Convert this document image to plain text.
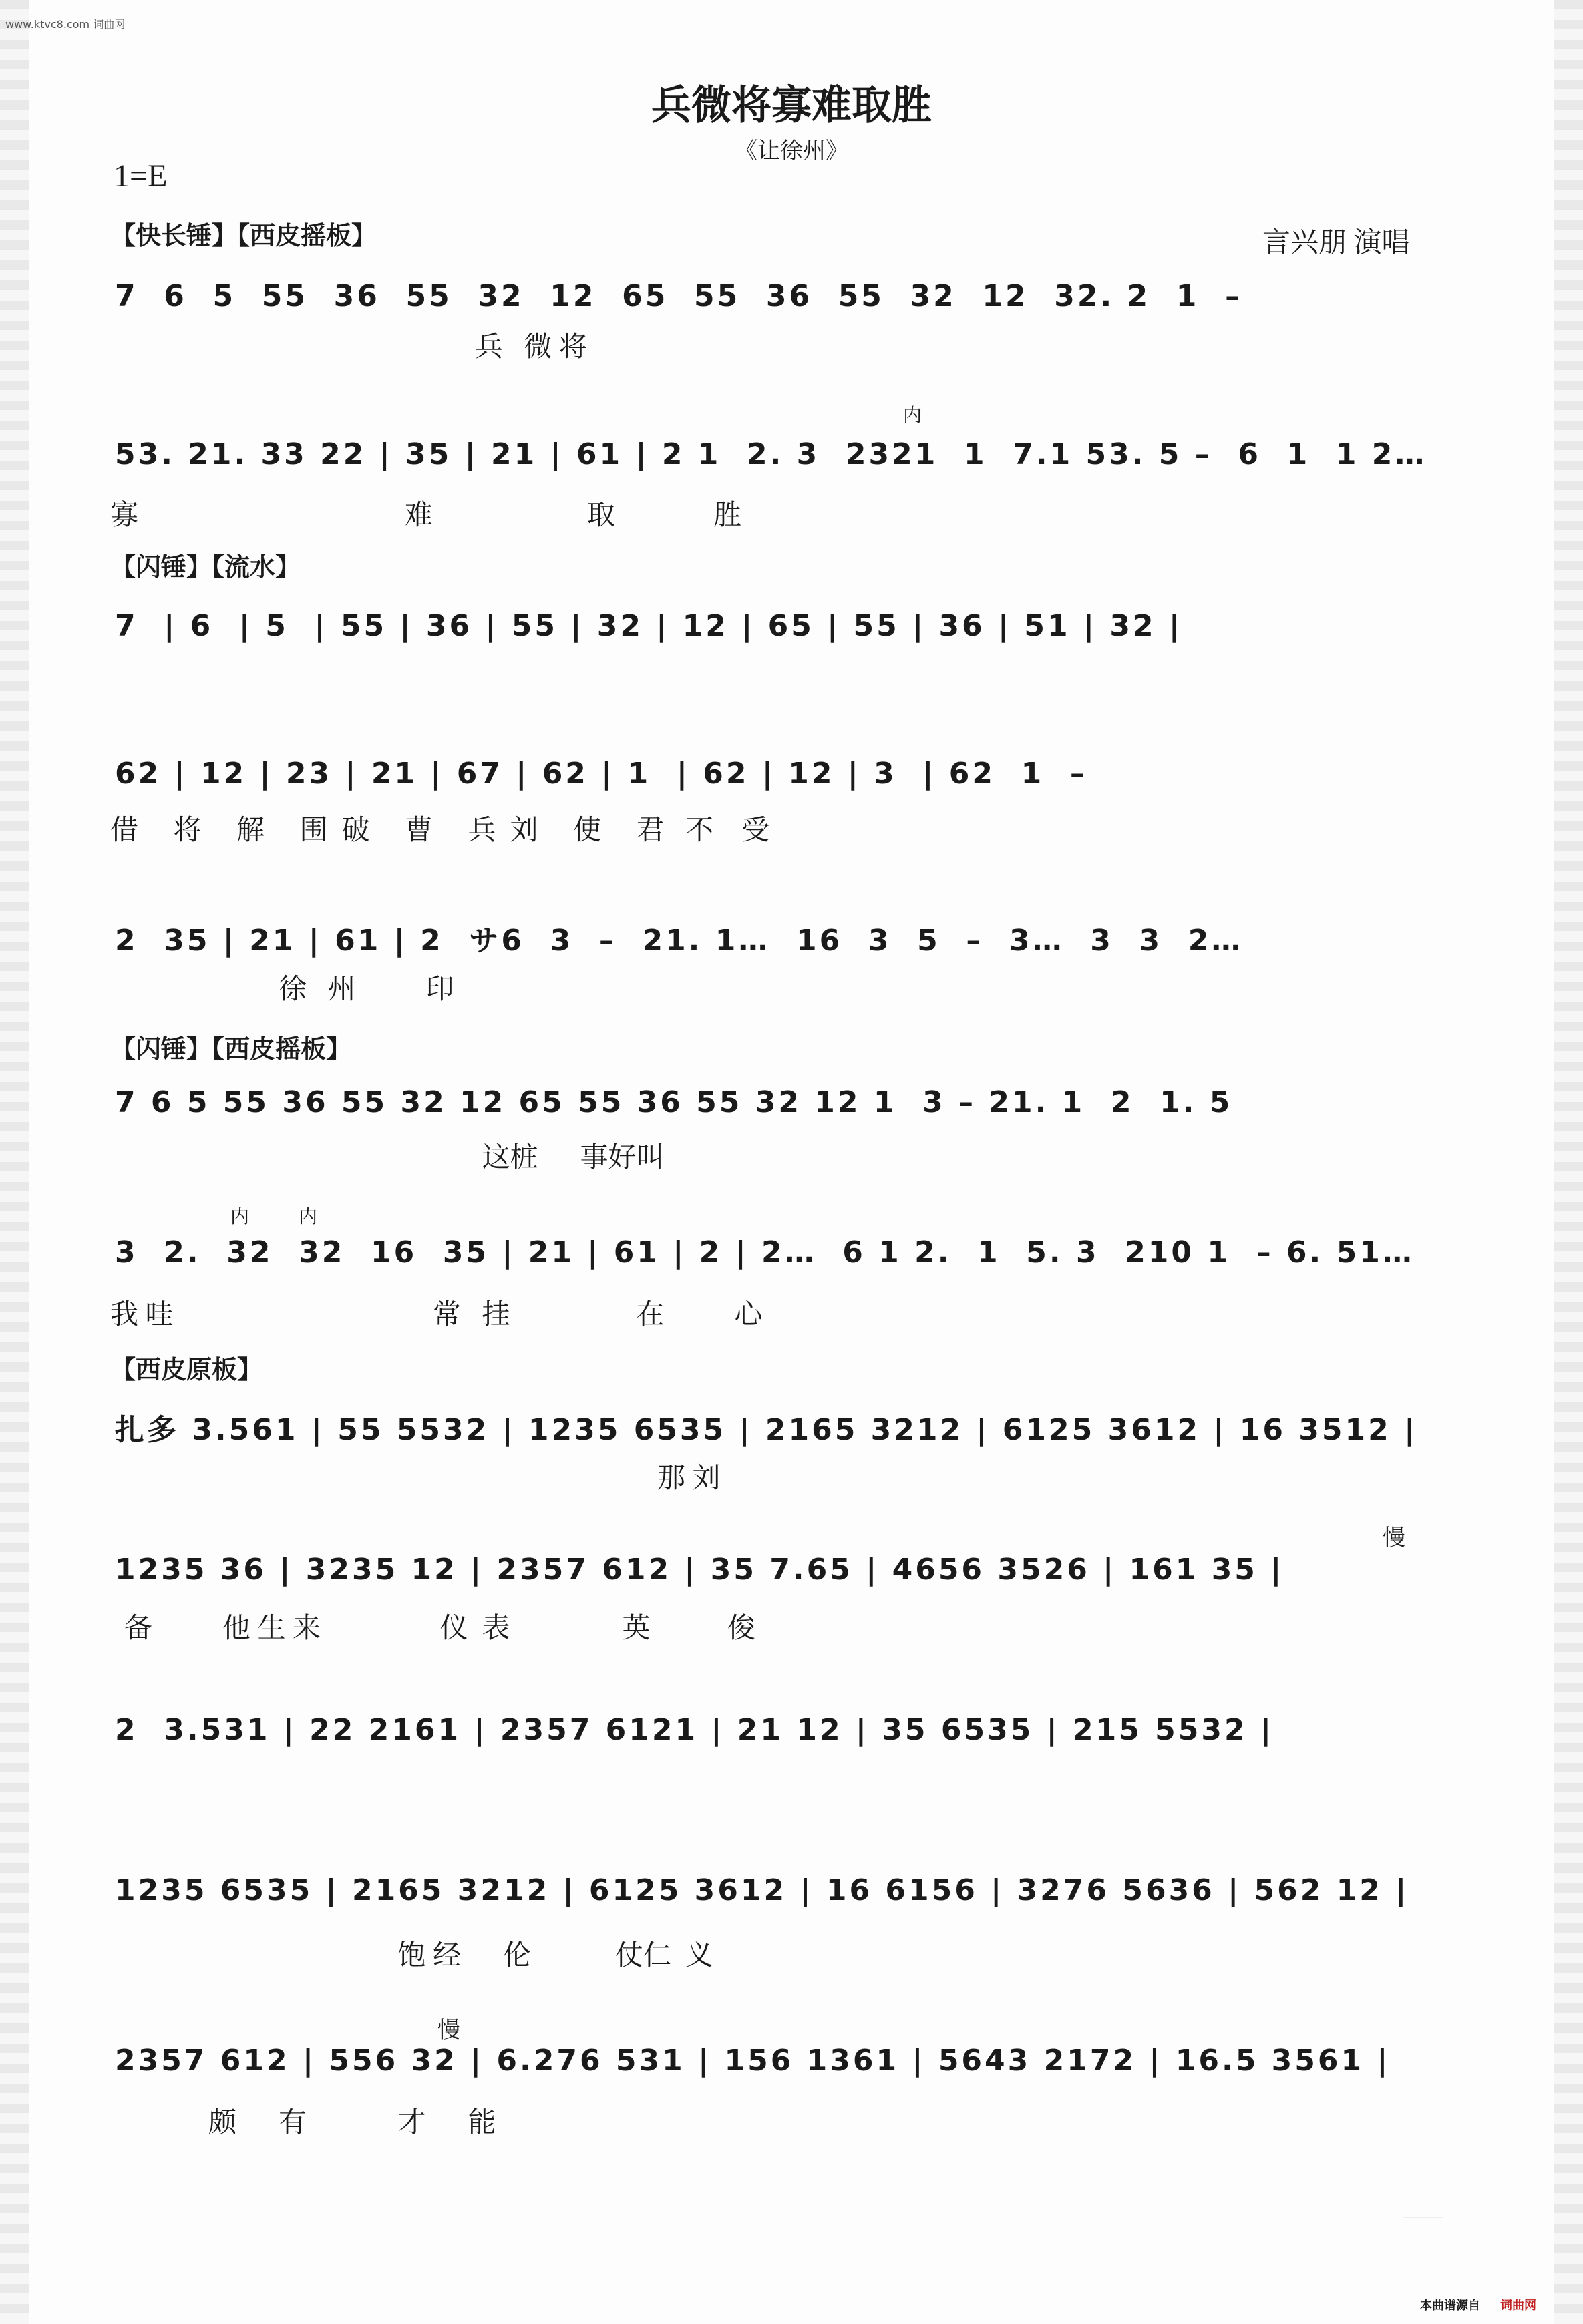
www.ktvc8.com 词曲网
兵微将寡难取胜
《让徐州》
1=E
言兴朋 演唱
【快长锤】【西皮摇板】
7  6  5  55  36  55  32  12  65  55  36  55  32  12  32. 2  1  –
兵   微 将
53. 21. 33 22 | 35 | 21 | 61 | 2 1  2. 3  2321  1  7.1 53. 5 –  6  1  1 2…
寡                                      难                      取              胜
【闪锤】【流水】
7  | 6  | 5  | 55 | 36 | 55 | 32 | 12 | 65 | 55 | 36 | 51 | 32 |
62 | 12 | 23 | 21 | 67 | 62 | 1  | 62 | 12 | 3  | 62  1  –
借     将     解     围  破     曹     兵  刘     使     君   不    受
2  35 | 21 | 61 | 2  サ6  3  –  21. 1…  16  3  5  –  3…  3  3  2…
徐   州          印
【闪锤】【西皮摇板】
7 6 5 55 36 55 32 12 65 55 36 55 32 12 1  3 – 21. 1  2  1. 5
这桩      事好叫
3  2.  32  32  16  35 | 21 | 61 | 2 | 2…  6 1 2.  1  5. 3  210 1  – 6. 51…
我 哇                                     常   挂                  在          心
【西皮原板】
扎多 3.561 | 55 5532 | 1235 6535 | 2165 3212 | 6125 3612 | 16 3512 |
那 刘
1235 36 | 3235 12 | 2357 612 | 35 7.65 | 4656 3526 | 161 35 |
备          他 生 来                 仪  表                英           俊
2  3.531 | 22 2161 | 2357 6121 | 21 12 | 35 6535 | 215 5532 |
1235 6535 | 2165 3212 | 6125 3612 | 16 6156 | 3276 5636 | 562 12 |
饱 经      伦            仗仁  义
2357 612 | 556 32 | 6.276 531 | 156 1361 | 5643 2172 | 16.5 3561 |
颇      有             才      能
内
内	内
慢
慢
本曲谱源自 词曲网
